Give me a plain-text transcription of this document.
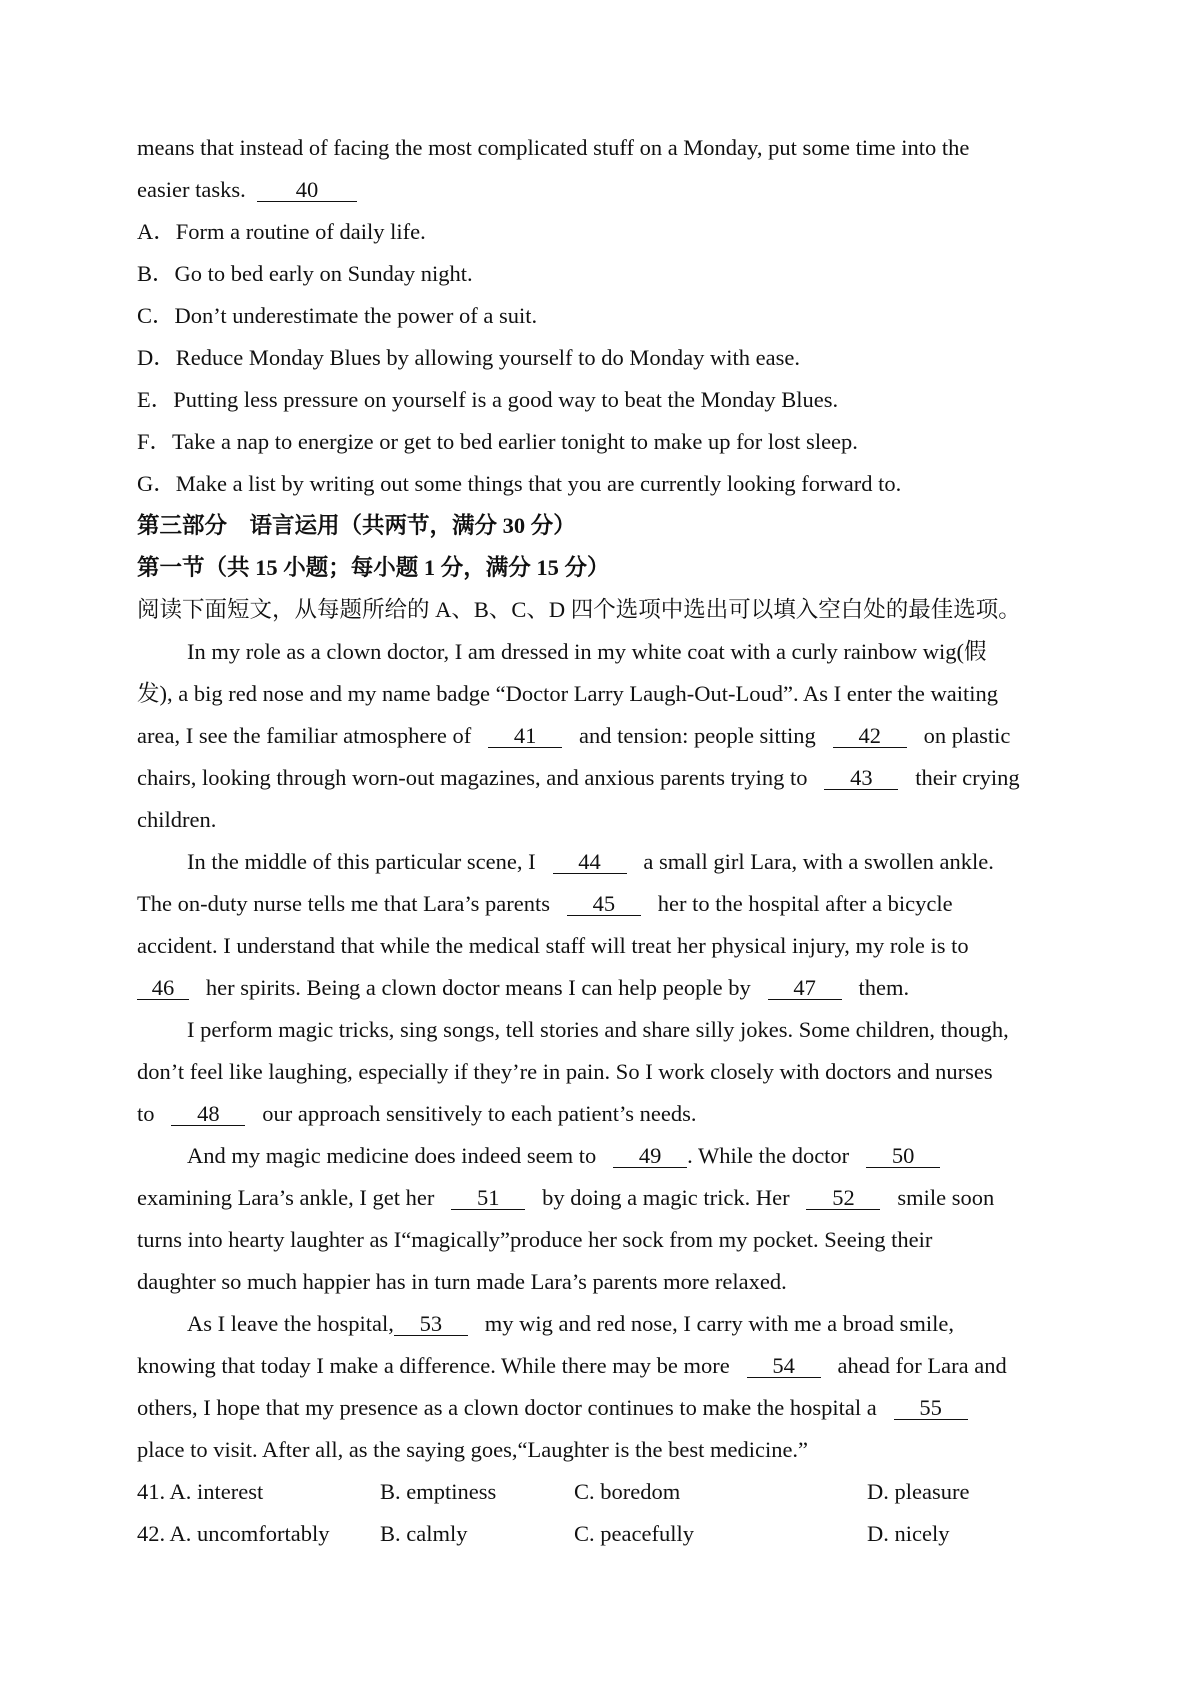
means that instead of facing the most complicated stuff on a Monday, put some time into the
easier tasks. 40
A．Form a routine of daily life.
B．Go to bed early on Sunday night.
C．Don’t underestimate the power of a suit.
D．Reduce Monday Blues by allowing yourself to do Monday with ease.
E．Putting less pressure on yourself is a good way to beat the Monday Blues.
F．Take a nap to energize or get to bed earlier tonight to make up for lost sleep.
G．Make a list by writing out some things that you are currently looking forward to.
第三部分　语言运用（共两节，满分 30 分）
第一节（共 15 小题；每小题 1 分，满分 15 分）
阅读下面短文，从每题所给的 A、B、C、D 四个选项中选出可以填入空白处的最佳选项。
In my role as a clown doctor, I am dressed in my white coat with a curly rainbow wig(假
发), a big red nose and my name badge “Doctor Larry Laugh-Out-Loud”. As I enter the waiting
area, I see the familiar atmosphere of 41 and tension: people sitting 42 on plastic
chairs, looking through worn-out magazines, and anxious parents trying to 43 their crying
children.
In the middle of this particular scene, I 44 a small girl Lara, with a swollen ankle.
The on-duty nurse tells me that Lara’s parents 45 her to the hospital after a bicycle
accident. I understand that while the medical staff will treat her physical injury, my role is to
46 her spirits. Being a clown doctor means I can help people by 47 them.
I perform magic tricks, sing songs, tell stories and share silly jokes. Some children, though,
don’t feel like laughing, especially if they’re in pain. So I work closely with doctors and nurses
to 48 our approach sensitively to each patient’s needs.
And my magic medicine does indeed seem to 49 . While the doctor 50
examining Lara’s ankle, I get her 51 by doing a magic trick. Her 52 smile soon
turns into hearty laughter as I“magically”produce her sock from my pocket. Seeing their
daughter so much happier has in turn made Lara’s parents more relaxed.
As I leave the hospital, 53 my wig and red nose, I carry with me a broad smile,
knowing that today I make a difference. While there may be more 54 ahead for Lara and
others, I hope that my presence as a clown doctor continues to make the hospital a 55
place to visit. After all, as the saying goes,“Laughter is the best medicine.”
41. A. interest	B. emptiness	C. boredom	D. pleasure
42. A. uncomfortably B. calmly	C. peacefully	D. nicely
